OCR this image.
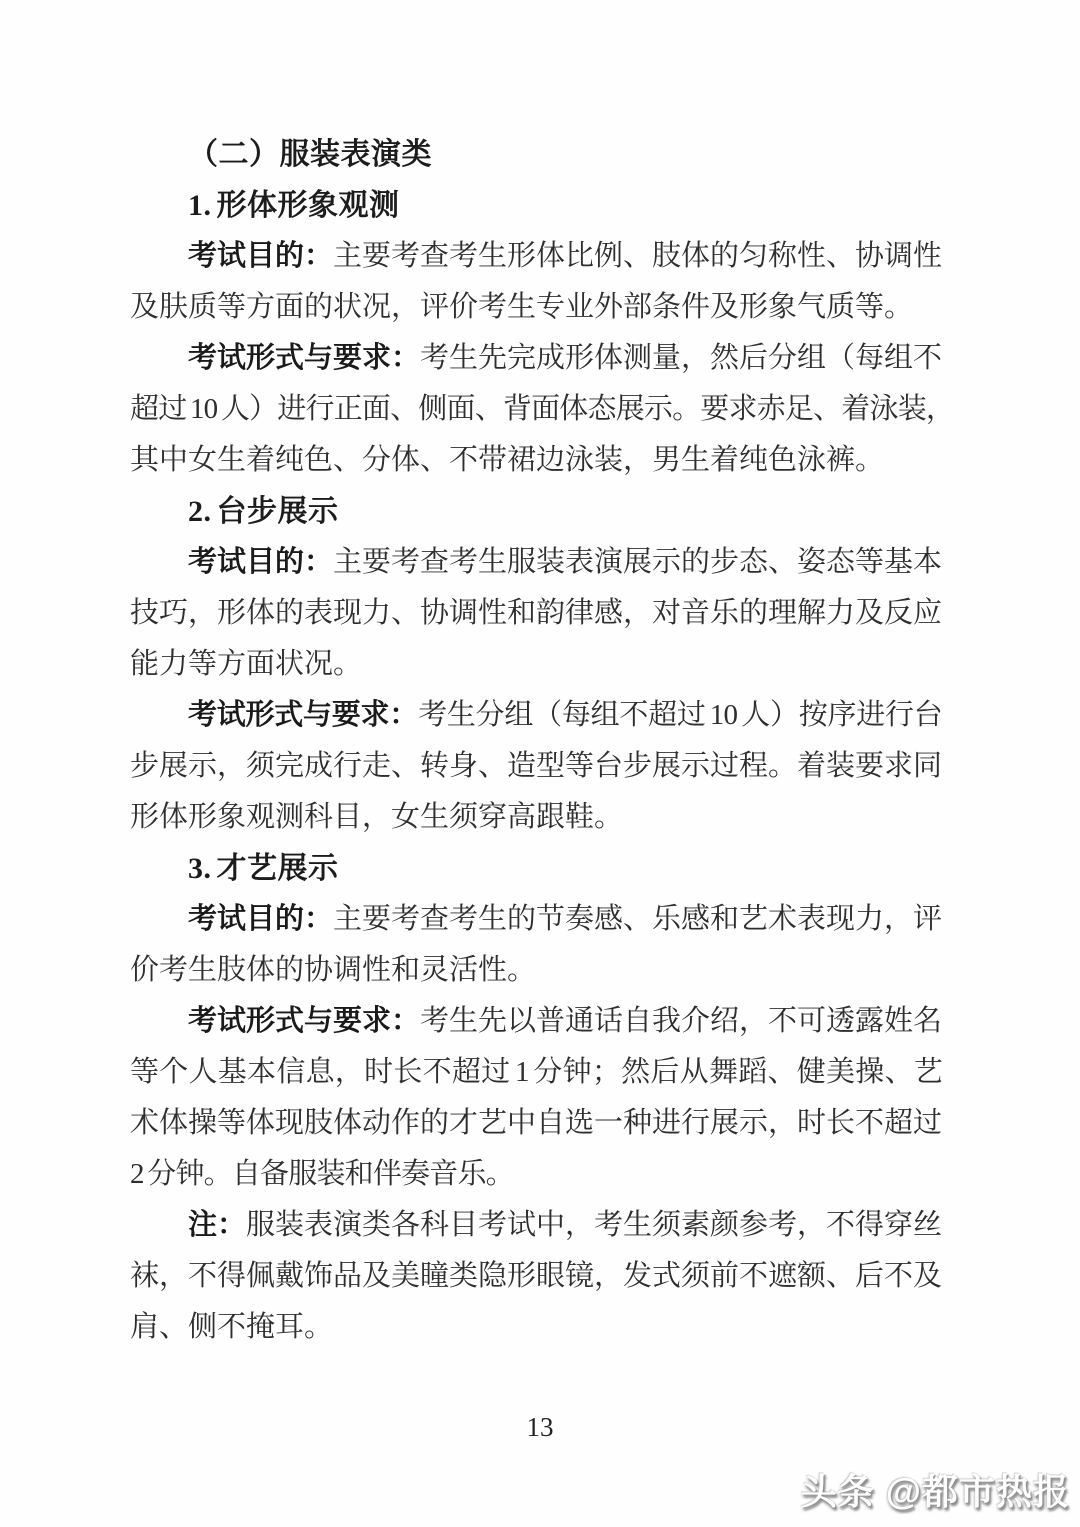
（二）服装表演类
1. 形体形象观测
考试目的：主要考查考生形体比例、肢体的匀称性、协调性
及肤质等方面的状况，评价考生专业外部条件及形象气质等。
考试形式与要求：考生先完成形体测量，然后分组（每组不
超过 10 人）进行正面、侧面、背面体态展示。要求赤足、着泳装，
其中女生着纯色、分体、不带裙边泳装，男生着纯色泳裤。
2. 台步展示
考试目的：主要考查考生服装表演展示的步态、姿态等基本
技巧，形体的表现力、协调性和韵律感，对音乐的理解力及反应
能力等方面状况。
考试形式与要求：考生分组（每组不超过 10 人）按序进行台
步展示，须完成行走、转身、造型等台步展示过程。着装要求同
形体形象观测科目，女生须穿高跟鞋。
3. 才艺展示
考试目的：主要考查考生的节奏感、乐感和艺术表现力，评
价考生肢体的协调性和灵活性。
考试形式与要求：考生先以普通话自我介绍，不可透露姓名
等个人基本信息，时长不超过 1 分钟；然后从舞蹈、健美操、艺
术体操等体现肢体动作的才艺中自选一种进行展示，时长不超过
2 分钟。自备服装和伴奏音乐。
注：服装表演类各科目考试中，考生须素颜参考，不得穿丝
袜，不得佩戴饰品及美瞳类隐形眼镜，发式须前不遮额、后不及
肩、侧不掩耳。
13
头条 @都市热报
